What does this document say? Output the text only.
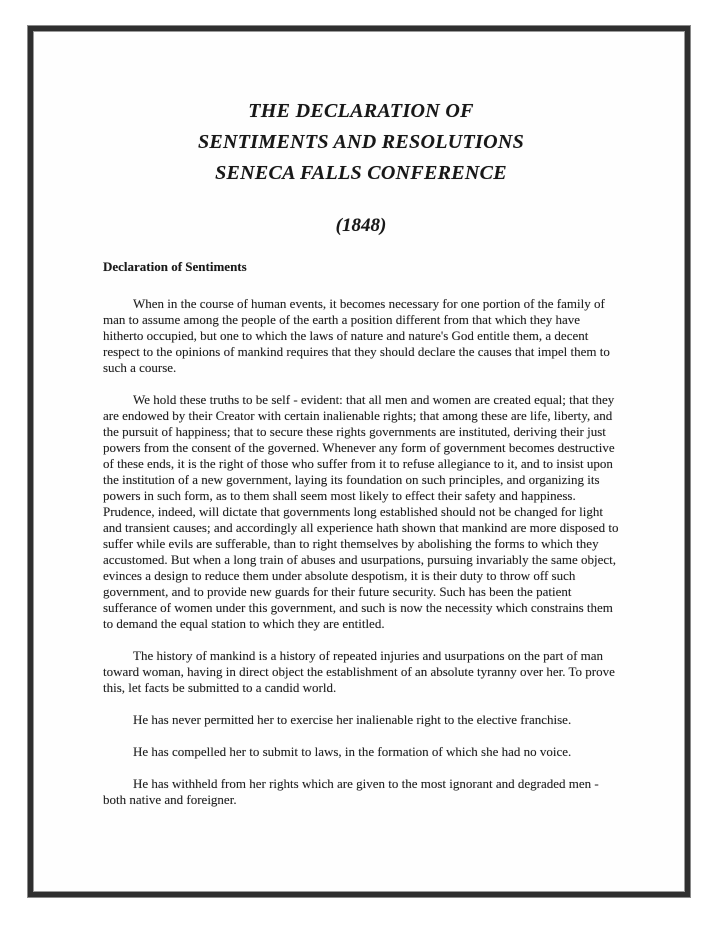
THE DECLARATION OF
SENTIMENTS AND RESOLUTIONS
SENECA FALLS CONFERENCE
(1848)
Declaration of Sentiments

When in the course of human events, it becomes necessary for one portion of the family of man to assume among the people of the earth a position different from that which they have hitherto occupied, but one to which the laws of nature and nature's God entitle them, a decent respect to the opinions of mankind requires that they should declare the causes that impel them to such a course.

We hold these truths to be self - evident: that all men and women are created equal; that they are endowed by their Creator with certain inalienable rights; that among these are life, liberty, and the pursuit of happiness; that to secure these rights governments are instituted, deriving their just powers from the consent of the governed. Whenever any form of government becomes destructive of these ends, it is the right of those who suffer from it to refuse allegiance to it, and to insist upon the institution of a new government, laying its foundation on such principles, and organizing its powers in such form, as to them shall seem most likely to effect their safety and happiness. Prudence, indeed, will dictate that governments long established should not be changed for light and transient causes; and accordingly all experience hath shown that mankind are more disposed to suffer while evils are sufferable, than to right themselves by abolishing the forms to which they accustomed. But when a long train of abuses and usurpations, pursuing invariably the same object, evinces a design to reduce them under absolute despotism, it is their duty to throw off such government, and to provide new guards for their future security. Such has been the patient sufferance of women under this government, and such is now the necessity which constrains them to demand the equal station to which they are entitled.

The history of mankind is a history of repeated injuries and usurpations on the part of man toward woman, having in direct object the establishment of an absolute tyranny over her. To prove this, let facts be submitted to a candid world.

He has never permitted her to exercise her inalienable right to the elective franchise.

He has compelled her to submit to laws, in the formation of which she had no voice.

He has withheld from her rights which are given to the most ignorant and degraded men - both native and foreigner.
